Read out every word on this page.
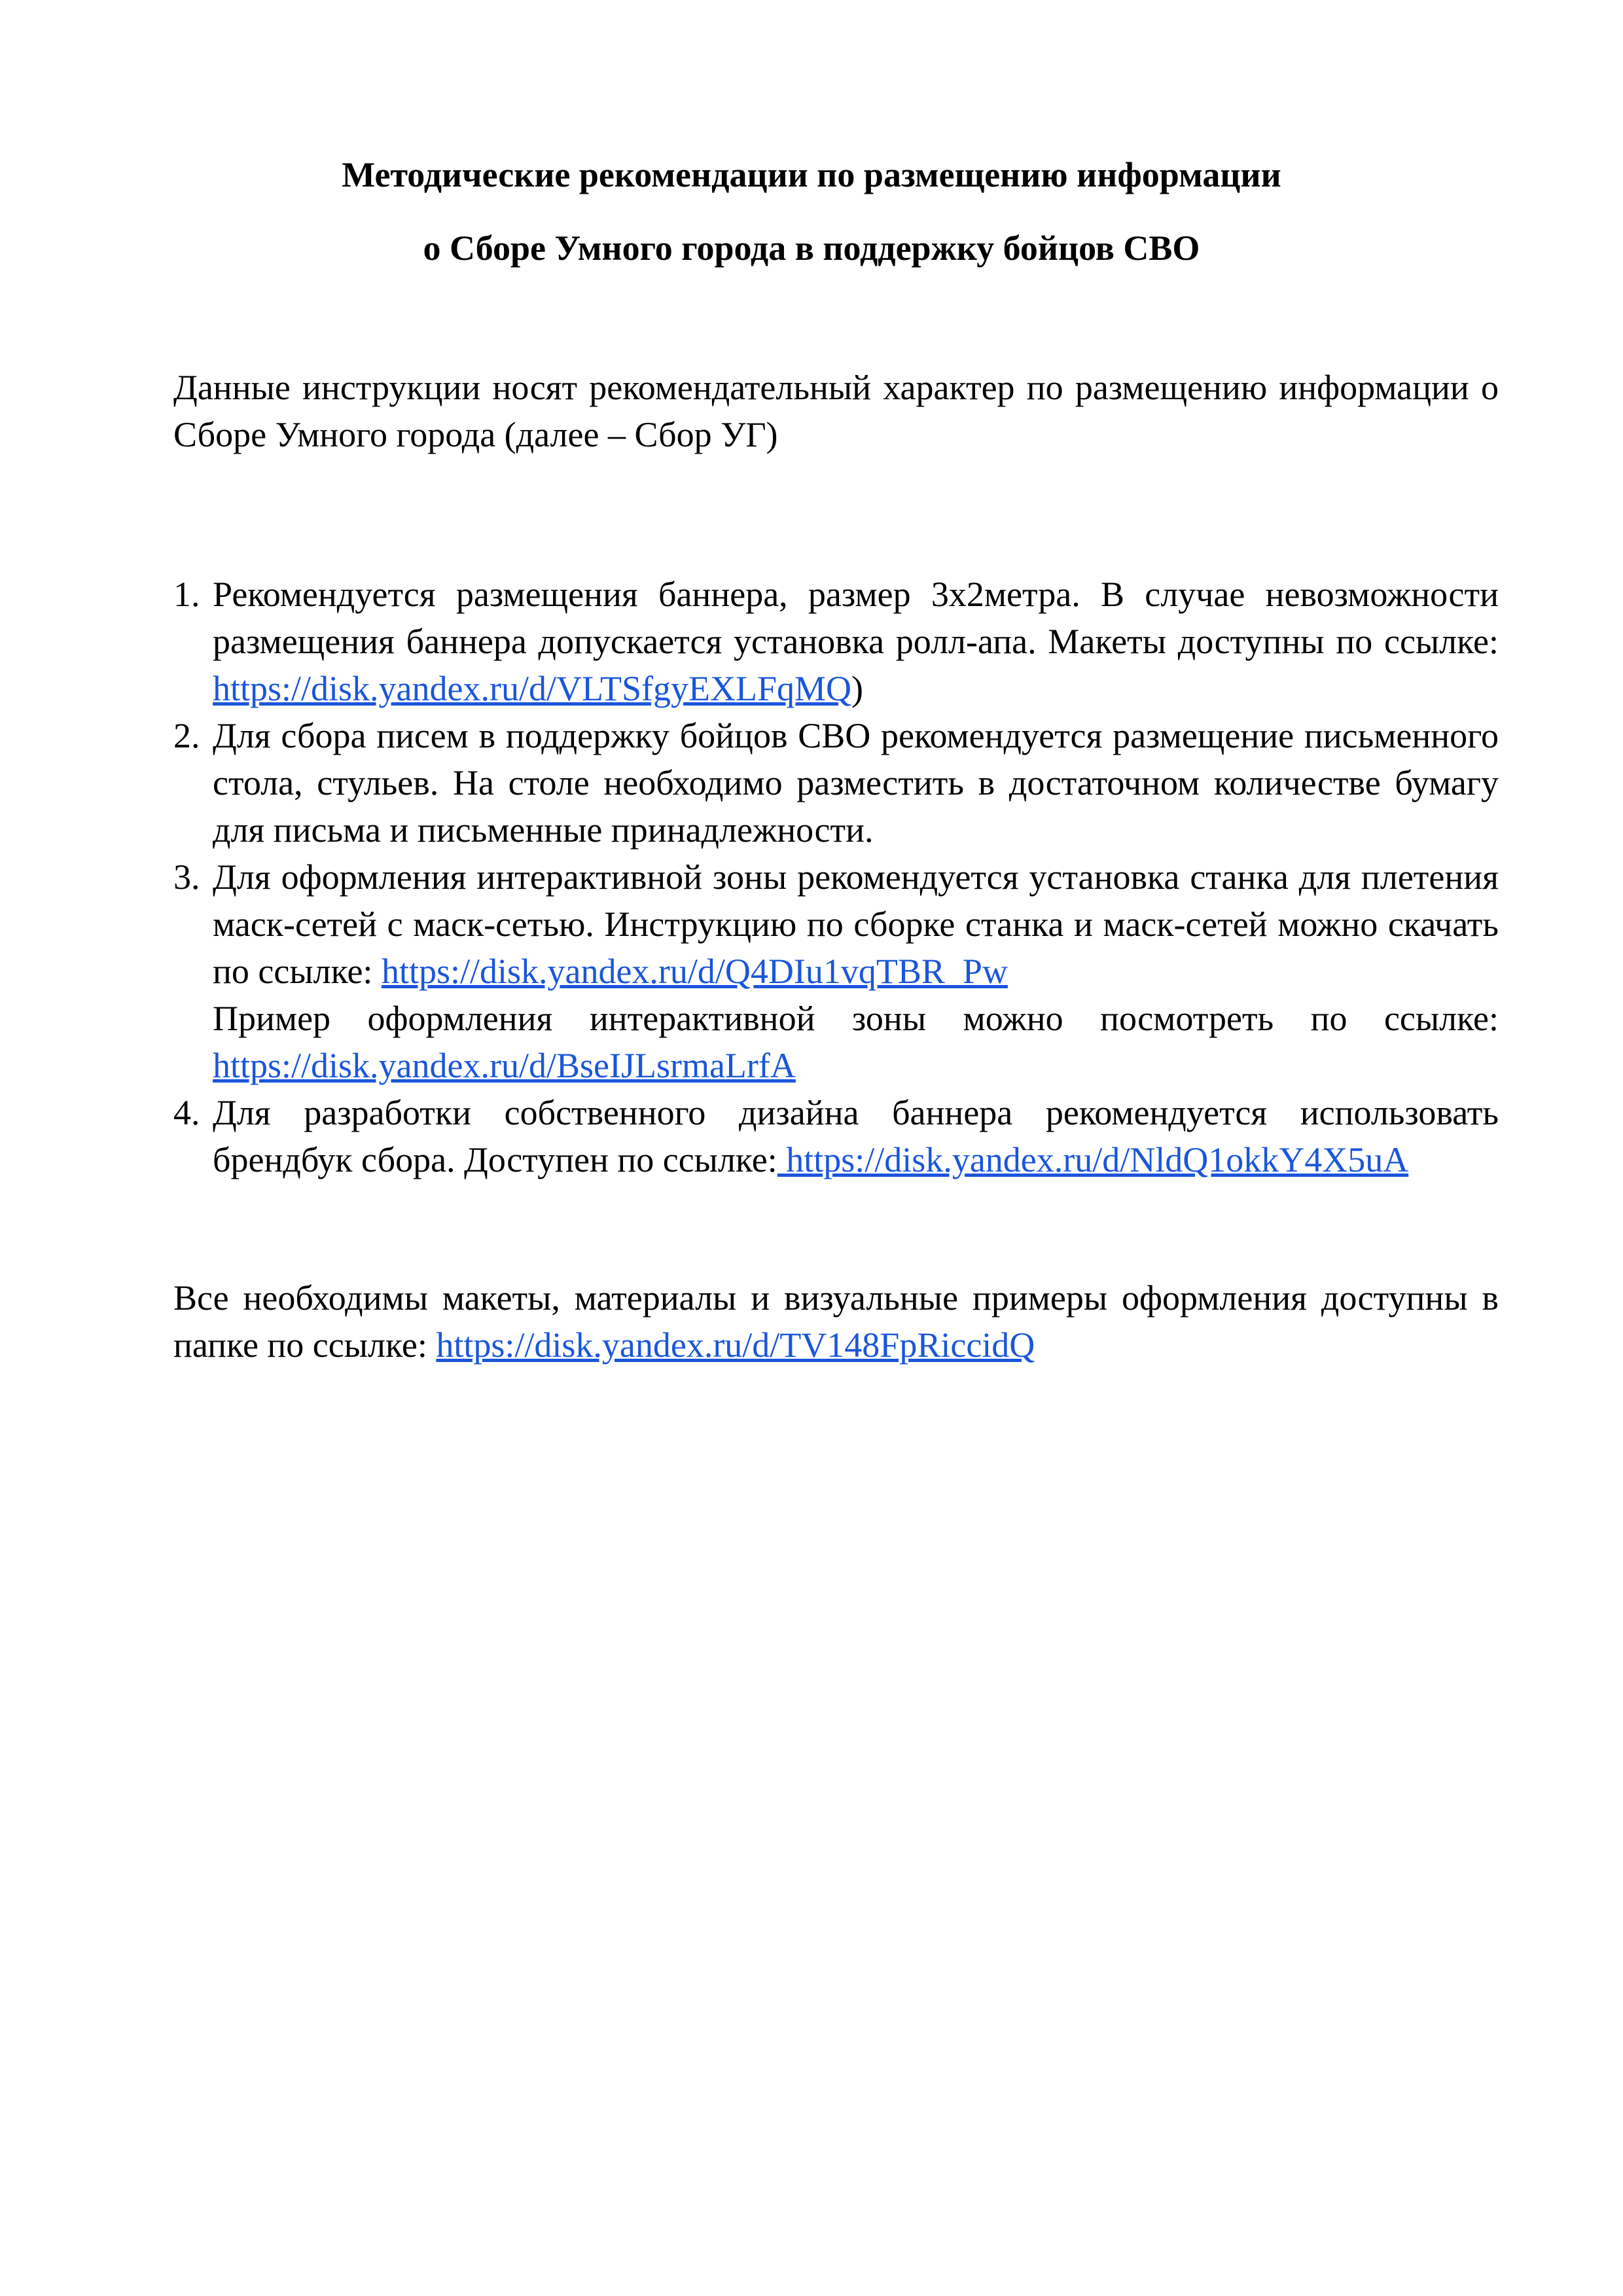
Методические рекомендации по размещению информации
о Сборе Умного города в поддержку бойцов СВО
Данные инструкции носят рекомендательный характер по размещению информации о Сборе Умного города (далее – Сбор УГ)
1. Рекомендуется размещения баннера, размер 3х2метра. В случае невозможности размещения баннера допускается установка ролл-апа. Макеты доступны по ссылке: https://disk.yandex.ru/d/VLTSfgyEXLFqMQ)
2. Для сбора писем в поддержку бойцов СВО рекомендуется размещение письменного стола, стульев. На столе необходимо разместить в достаточном количестве бумагу для письма и письменные принадлежности.
3. Для оформления интерактивной зоны рекомендуется установка станка для плетения маск-сетей с маск-сетью. Инструкцию по сборке станка и маск-сетей можно скачать по ссылке: https://disk.yandex.ru/d/Q4DIu1vqTBR_Pw
Пример оформления интерактивной зоны можно посмотреть по ссылке: https://disk.yandex.ru/d/BseIJLsrmaLrfA
4. Для разработки собственного дизайна баннера рекомендуется использовать брендбук сбора. Доступен по ссылке: https://disk.yandex.ru/d/NldQ1okkY4X5uA
Все необходимы макеты, материалы и визуальные примеры оформления доступны в папке по ссылке: https://disk.yandex.ru/d/TV148FpRiccidQ
